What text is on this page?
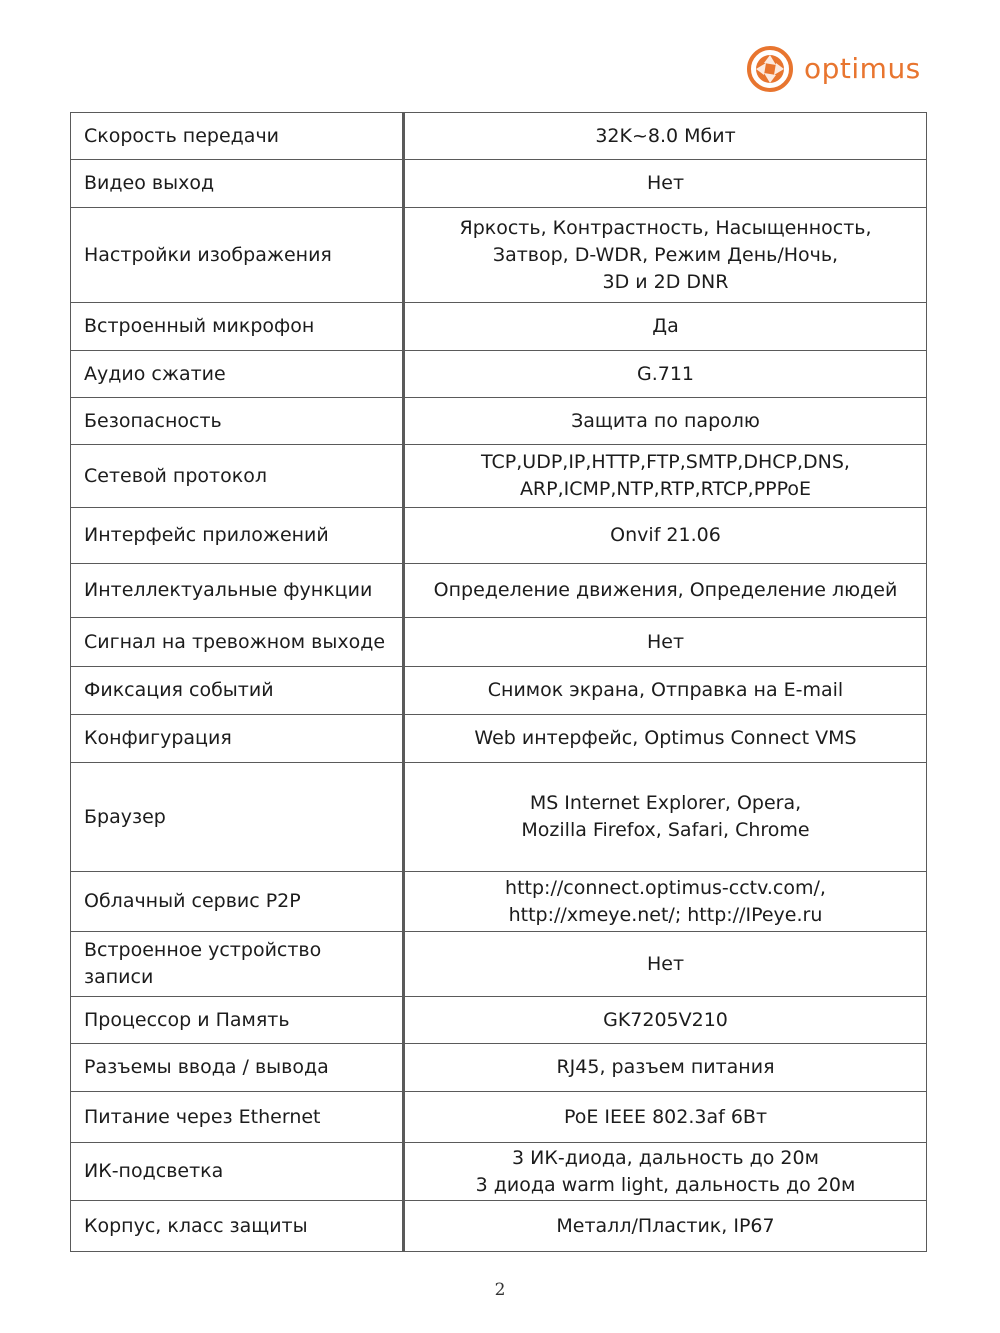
optimus
Скорость передачи	32K~8.0 Мбит

Видео выход	Нет

Настройки изображения	Яркость, Контрастность, Насыщенность,
Затвор, D-WDR, Режим День/Ночь,
3D и 2D DNR

Встроенный микрофон	Да

Аудио сжатие	G.711

Безопасность	Защита по паролю

Сетевой протокол	TCP,UDP,IP,HTTP,FTP,SMTP,DHCP,DNS,
ARP,ICMP,NTP,RTP,RTCP,PPPoE

Интерфейс приложений	Onvif 21.06

Интеллектуальные функции	Определение движения, Определение людей

Сигнал на тревожном выходе	Нет

Фиксация событий	Снимок экрана, Отправка на E-mail

Конфигурация	Web интерфейс, Optimus Connect VMS

Браузер	MS Internet Explorer, Opera,
Mozilla Firefox, Safari, Chrome

Облачный сервис P2P	http://connect.optimus-cctv.com/,
http://xmeye.net/; http://IPeye.ru

Встроенное устройство записи	Нет

Процессор и Память	GK7205V210

Разъемы ввода / вывода	RJ45, разъем питания

Питание через Ethernet	PoE IEEE 802.3af 6Вт

ИК-подсветка	3 ИК-диода, дальность до 20м
3 диода warm light, дальность до 20м

Корпус, класс защиты	Металл/Пластик, IP67
2
